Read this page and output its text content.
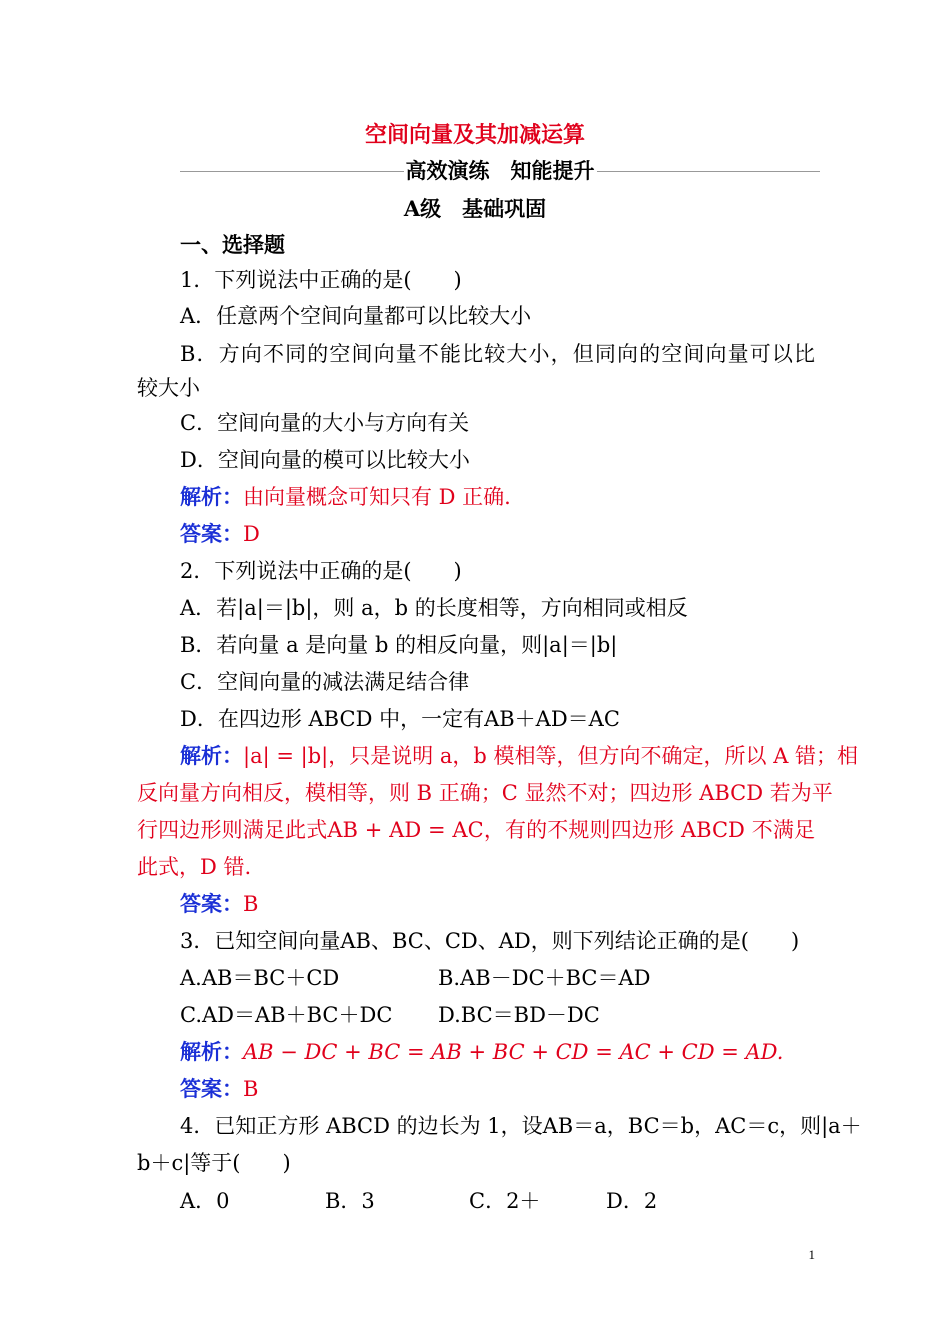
空间向量及其加减运算
高效演练　知能提升
A级　基础巩固
一、选择题
1．下列说法中正确的是(　　)
A．任意两个空间向量都可以比较大小
B．方向不同的空间向量不能比较大小，但同向的空间向量可以比
较大小
C．空间向量的大小与方向有关
D．空间向量的模可以比较大小
解析：由向量概念可知只有 D 正确.
答案：D
2．下列说法中正确的是(　　)
A．若|a|＝|b|，则 a，b 的长度相等，方向相同或相反
B．若向量 a 是向量 b 的相反向量，则|a|＝|b|
C．空间向量的减法满足结合律
D．在四边形 ABCD 中，一定有AB＋AD＝AC
解析：|a| = |b|，只是说明 a，b 模相等，但方向不确定，所以 A 错；相
反向量方向相反，模相等，则 B 正确；C 显然不对；四边形 ABCD 若为平
行四边形则满足此式AB + AD = AC，有的不规则四边形 ABCD 不满足
此式，D 错.
答案：B
3．已知空间向量AB、BC、CD、AD，则下列结论正确的是(　　)
A.AB＝BC＋CD	B.AB－DC＋BC＝AD
C.AD＝AB＋BC＋DC D.BC＝BD－DC
解析：AB − DC + BC = AB + BC + CD = AC + CD = AD.
答案：B
4．已知正方形 ABCD 的边长为 1，设AB＝a，BC＝b，AC＝c，则|a＋
b＋c|等于(　　)
A．0	B．3	C．2＋	D．2
1
